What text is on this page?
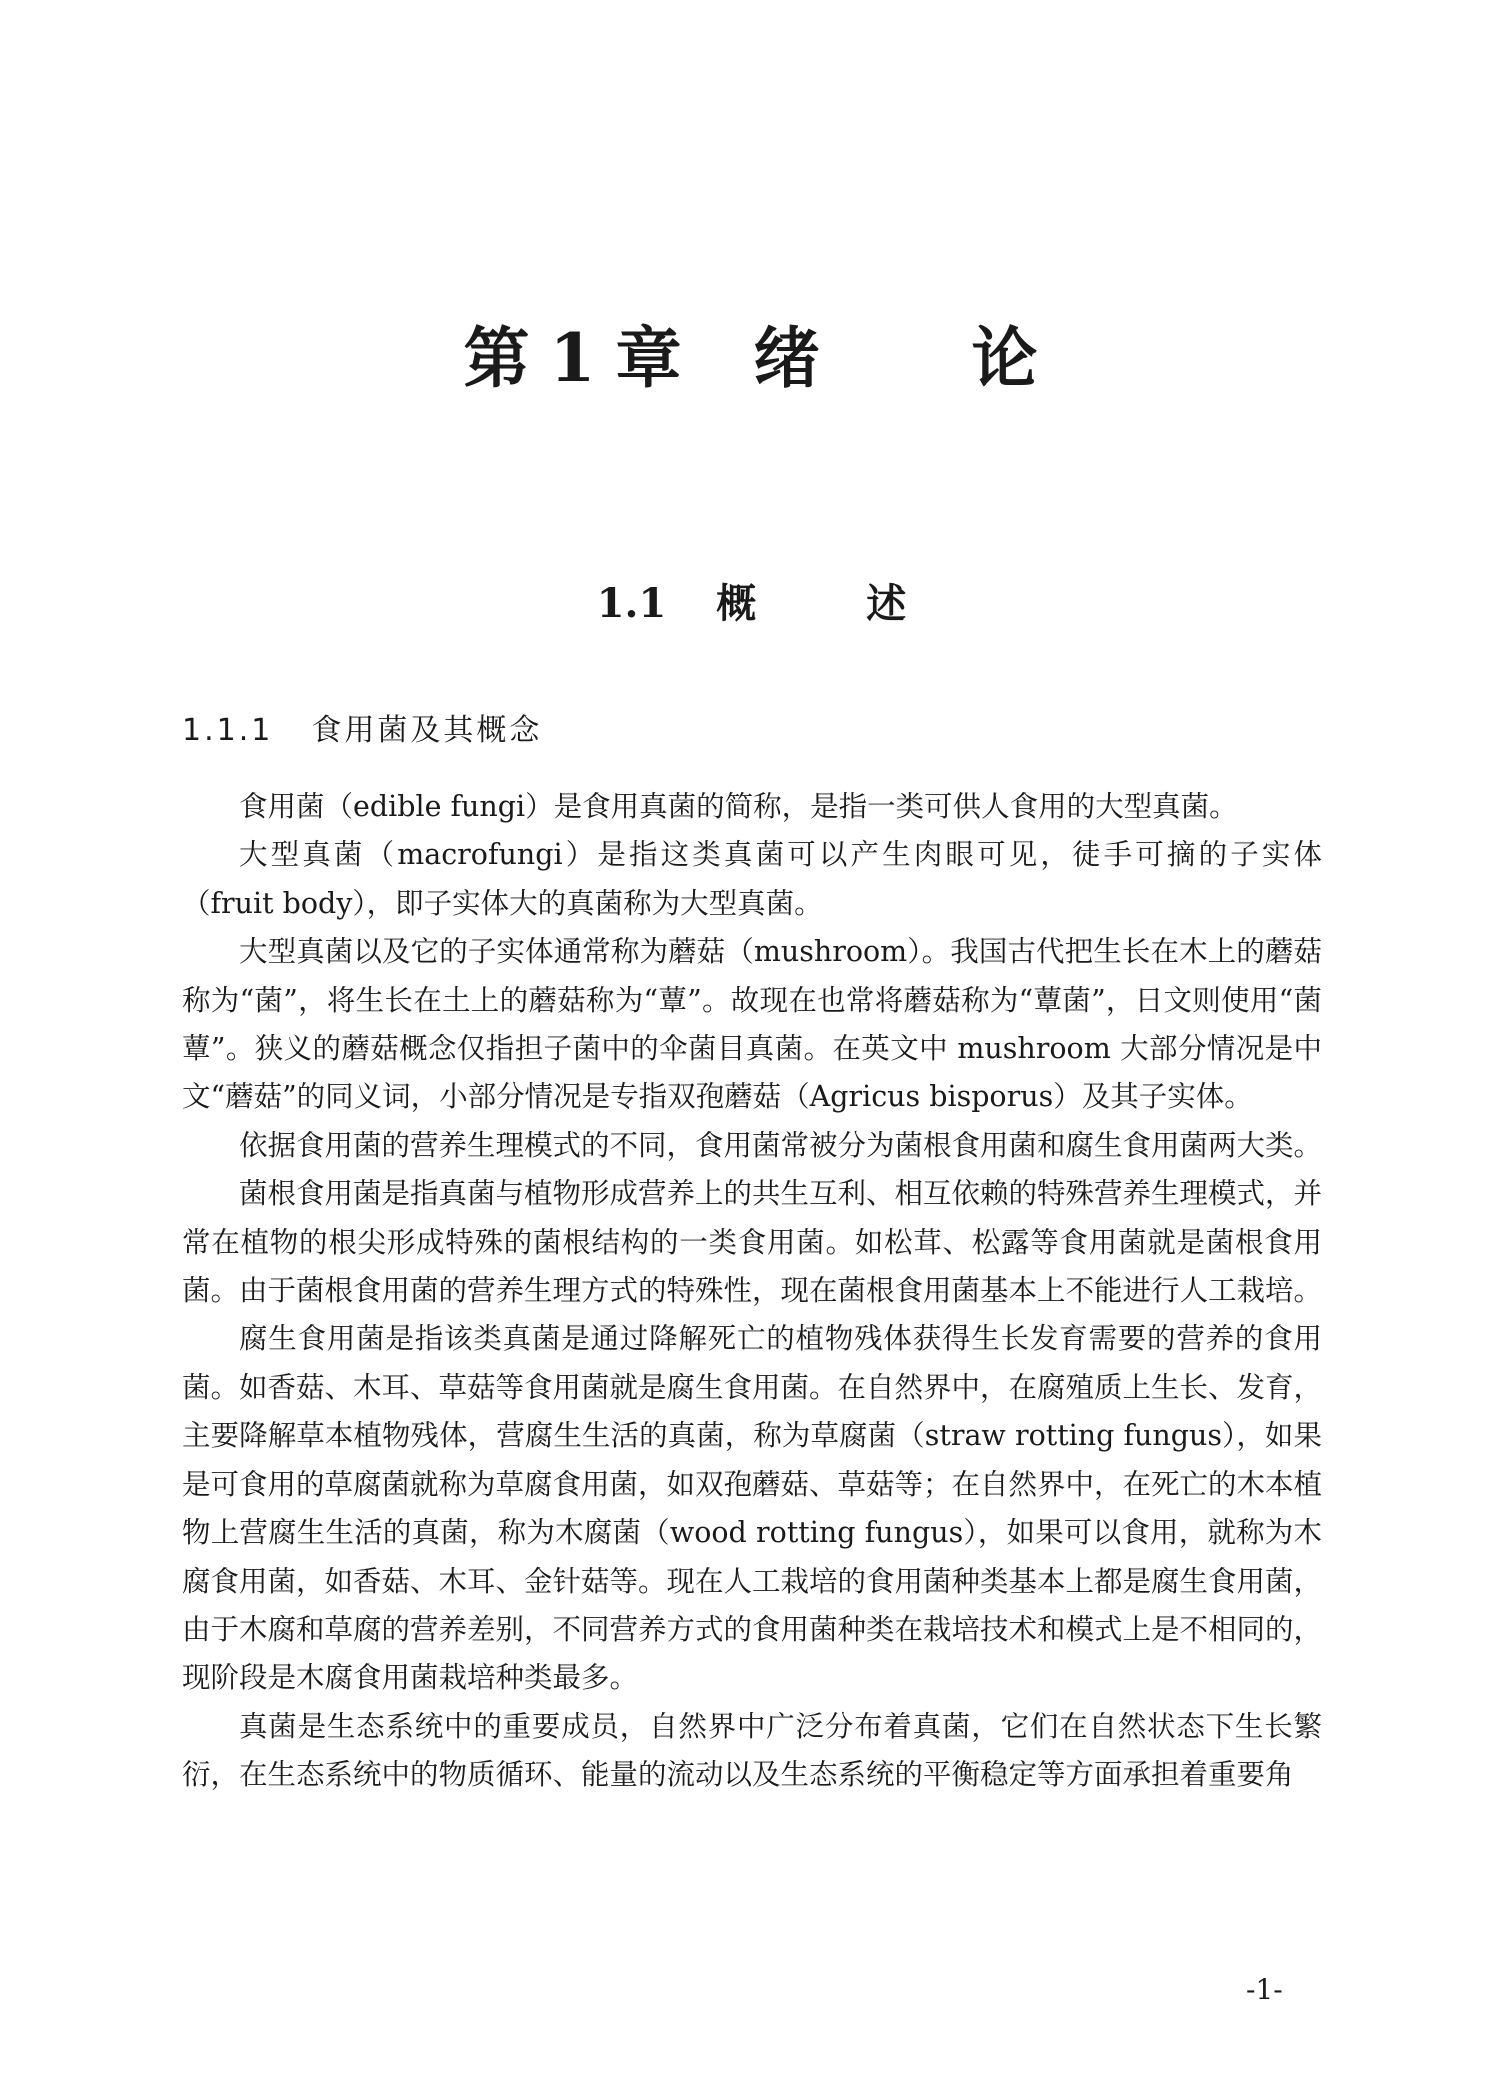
第 1 章 绪 论
1.1 概	述
1.1.1 食用菌及其概念

食用菌（edible fungi）是食用真菌的简称，是指一类可供人食用的大型真菌。

大型真菌（macrofungi）是指这类真菌可以产生肉眼可见，徒手可摘的子实体（fruit body），即子实体大的真菌称为大型真菌。

大型真菌以及它的子实体通常称为蘑菇（mushroom）。我国古代把生长在木上的蘑菇称为“菌”，将生长在土上的蘑菇称为“蕈”。故现在也常将蘑菇称为“蕈菌”，日文则使用“菌蕈”。狭义的蘑菇概念仅指担子菌中的伞菌目真菌。在英文中 mushroom 大部分情况是中文“蘑菇”的同义词，小部分情况是专指双孢蘑菇（Agricus bisporus）及其子实体。

依据食用菌的营养生理模式的不同，食用菌常被分为菌根食用菌和腐生食用菌两大类。

菌根食用菌是指真菌与植物形成营养上的共生互利、相互依赖的特殊营养生理模式，并常在植物的根尖形成特殊的菌根结构的一类食用菌。如松茸、松露等食用菌就是菌根食用菌。由于菌根食用菌的营养生理方式的特殊性，现在菌根食用菌基本上不能进行人工栽培。

腐生食用菌是指该类真菌是通过降解死亡的植物残体获得生长发育需要的营养的食用菌。如香菇、木耳、草菇等食用菌就是腐生食用菌。在自然界中，在腐殖质上生长、发育，主要降解草本植物残体，营腐生生活的真菌，称为草腐菌（straw rotting fungus），如果是可食用的草腐菌就称为草腐食用菌，如双孢蘑菇、草菇等；在自然界中，在死亡的木本植物上营腐生生活的真菌，称为木腐菌（wood rotting fungus），如果可以食用，就称为木腐食用菌，如香菇、木耳、金针菇等。现在人工栽培的食用菌种类基本上都是腐生食用菌，由于木腐和草腐的营养差别，不同营养方式的食用菌种类在栽培技术和模式上是不相同的，现阶段是木腐食用菌栽培种类最多。

真菌是生态系统中的重要成员，自然界中广泛分布着真菌，它们在自然状态下生长繁衍，在生态系统中的物质循环、能量的流动以及生态系统的平衡稳定等方面承担着重要角

-1-
